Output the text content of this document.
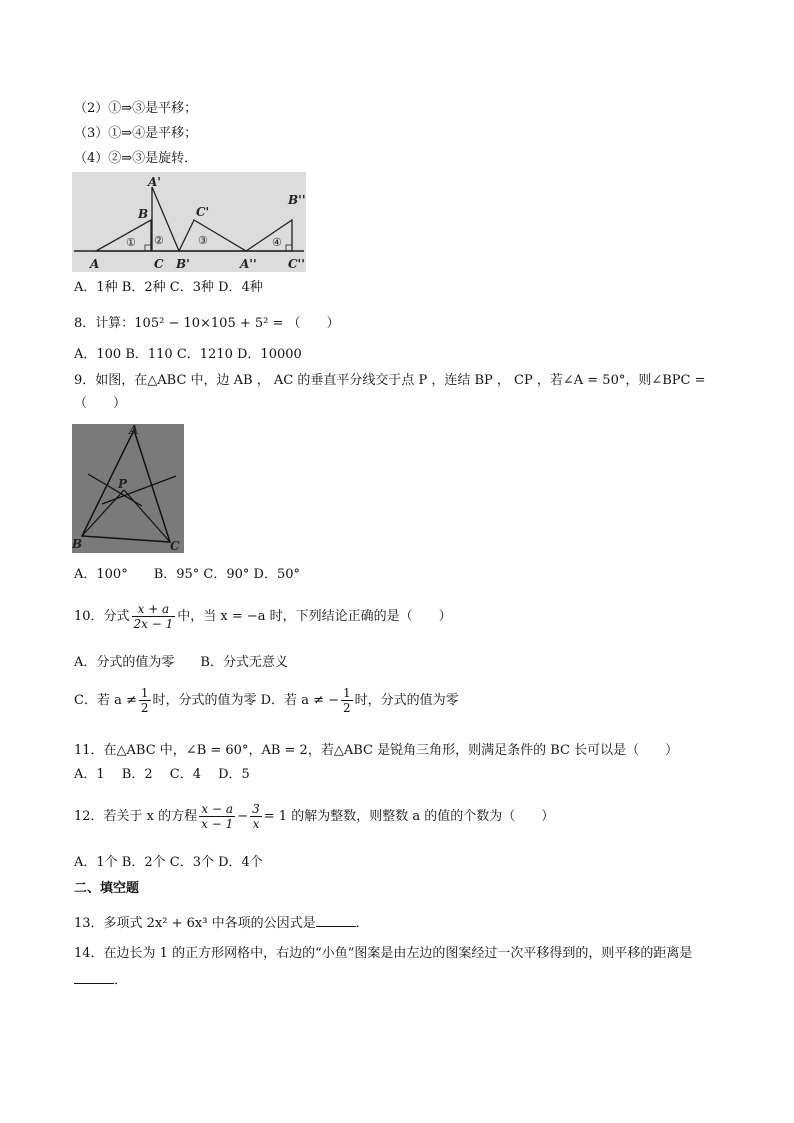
（2）①⇒③是平移；
（3）①⇒④是平移；
（4）②⇒③是旋转．
A
B
C
A'
B'
C'
A''
B''
C''
① ②	③	④
A．1种 B．2种 C．3种 D．4种
8．计算：105² − 10×105 + 5² = （　　）
A．100 B．110 C．1210 D．10000
9．如图，在△ABC 中，边 AB ， AC 的垂直平分线交于点 P ，连结 BP ， CP ，若∠A = 50°，则∠BPC =
（　　）
A
B	C
P
A．100°　　B．95° C．90° D．50°
10．分式 $\frac{x + a}{2x - 1}$ 中，当 x = −a 时，下列结论正确的是（　　）
A．分式的值为零　　B．分式无意义
C．若 $a \ne \frac{1}{2}$ 时，分式的值为零 D．若 a ≠ − $\frac{1}{2}$ 时，分式的值为零
11．在△ABC 中，∠B = 60°，AB = 2，若△ABC 是锐角三角形，则满足条件的 BC 长可以是（　　）
A．1　 B．2　 C．4　 D．5
12．若关于 x 的方程 $\frac{x - a}{x - 1} - \frac{3}{x} = 1$ 的解为整数，则整数 a 的值的个数为（　　）
A．1个 B．2个 C．3个 D．4个
二、填空题
13．多项式 2x² + 6x³ 中各项的公因式是	．
14．在边长为 1 的正方形网格中，右边的“小鱼”图案是由左边的图案经过一次平移得到的，则平移的距离是
．
